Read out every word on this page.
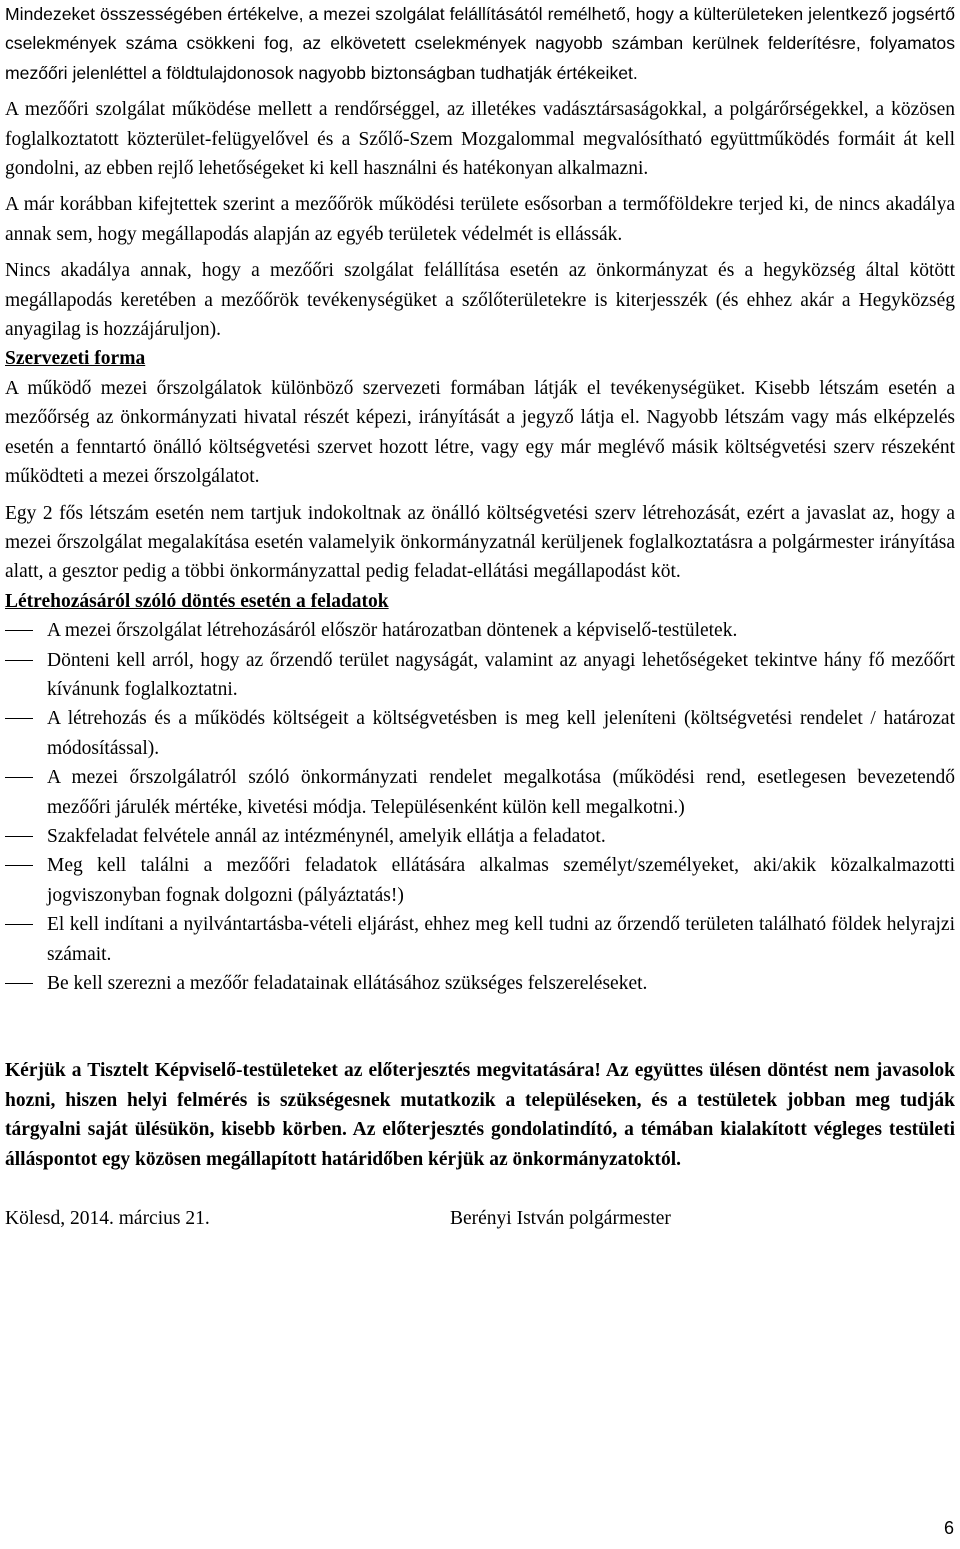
Mindezeket összességében értékelve, a mezei szolgálat felállításától remélhető, hogy a külterületeken jelentkező jogsértő cselekmények száma csökkeni fog, az elkövetett cselekmények nagyobb számban kerülnek felderítésre, folyamatos mezőőri jelenléttel a földtulajdonosok nagyobb biztonságban tudhatják értékeiket.

A mezőőri szolgálat működése mellett a rendőrséggel, az illetékes vadásztársaságokkal, a polgárőrségekkel, a közösen foglalkoztatott közterület-felügyelővel és a Szőlő-Szem Mozgalommal megvalósítható együttműködés formáit át kell gondolni, az ebben rejlő lehetőségeket ki kell használni és hatékonyan alkalmazni.

A már korábban kifejtettek szerint a mezőőrök működési területe esősorban a termőföldekre terjed ki, de nincs akadálya annak sem, hogy megállapodás alapján az egyéb területek védelmét is ellássák.

Nincs akadálya annak, hogy a mezőőri szolgálat felállítása esetén az önkormányzat és a hegyközség által kötött megállapodás keretében a mezőőrök tevékenységüket a szőlőterületekre is kiterjesszék (és ehhez akár a Hegyközség anyagilag is hozzájáruljon).

Szervezeti forma

A működő mezei őrszolgálatok különböző szervezeti formában látják el tevékenységüket. Kisebb létszám esetén a mezőőrség az önkormányzati hivatal részét képezi, irányítását a jegyző látja el. Nagyobb létszám vagy más elképzelés esetén a fenntartó önálló költségvetési szervet hozott létre, vagy egy már meglévő másik költségvetési szerv részeként működteti a mezei őrszolgálatot.

Egy 2 fős létszám esetén nem tartjuk indokoltnak az önálló költségvetési szerv létrehozását, ezért a javaslat az, hogy a mezei őrszolgálat megalakítása esetén valamelyik önkormányzatnál kerüljenek foglalkoztatásra a polgármester irányítása alatt, a gesztor pedig a többi önkormányzattal pedig feladat-ellátási megállapodást köt.

Létrehozásáról szóló döntés esetén a feladatok

A mezei őrszolgálat létrehozásáról először határozatban döntenek a képviselő-testületek.
Dönteni kell arról, hogy az őrzendő terület nagyságát, valamint az anyagi lehetőségeket tekintve hány fő mezőőrt kívánunk foglalkoztatni.
A létrehozás és a működés költségeit a költségvetésben is meg kell jeleníteni (költségvetési rendelet / határozat módosítással).
A mezei őrszolgálatról szóló önkormányzati rendelet megalkotása (működési rend, esetlegesen bevezetendő mezőőri járulék mértéke, kivetési módja. Településenként külön kell megalkotni.)
Szakfeladat felvétele annál az intézménynél, amelyik ellátja a feladatot.
Meg kell találni a mezőőri feladatok ellátására alkalmas személyt/személyeket, aki/akik közalkalmazotti jogviszonyban fognak dolgozni (pályáztatás!)
El kell indítani a nyilvántartásba-vételi eljárást, ehhez meg kell tudni az őrzendő területen található földek helyrajzi számait.
Be kell szerezni a mezőőr feladatainak ellátásához szükséges felszereléseket.

Kérjük a Tisztelt Képviselő-testületeket az előterjesztés megvitatására! Az együttes ülésen döntést nem javasolok hozni, hiszen helyi felmérés is szükségesnek mutatkozik a településeken, és a testületek jobban meg tudják tárgyalni saját ülésükön, kisebb körben. Az előterjesztés gondolatindító, a témában kialakított végleges testületi álláspontot egy közösen megállapított határidőben kérjük az önkormányzatoktól.

Kölesd, 2014. március 21.	Berényi István polgármester
6
